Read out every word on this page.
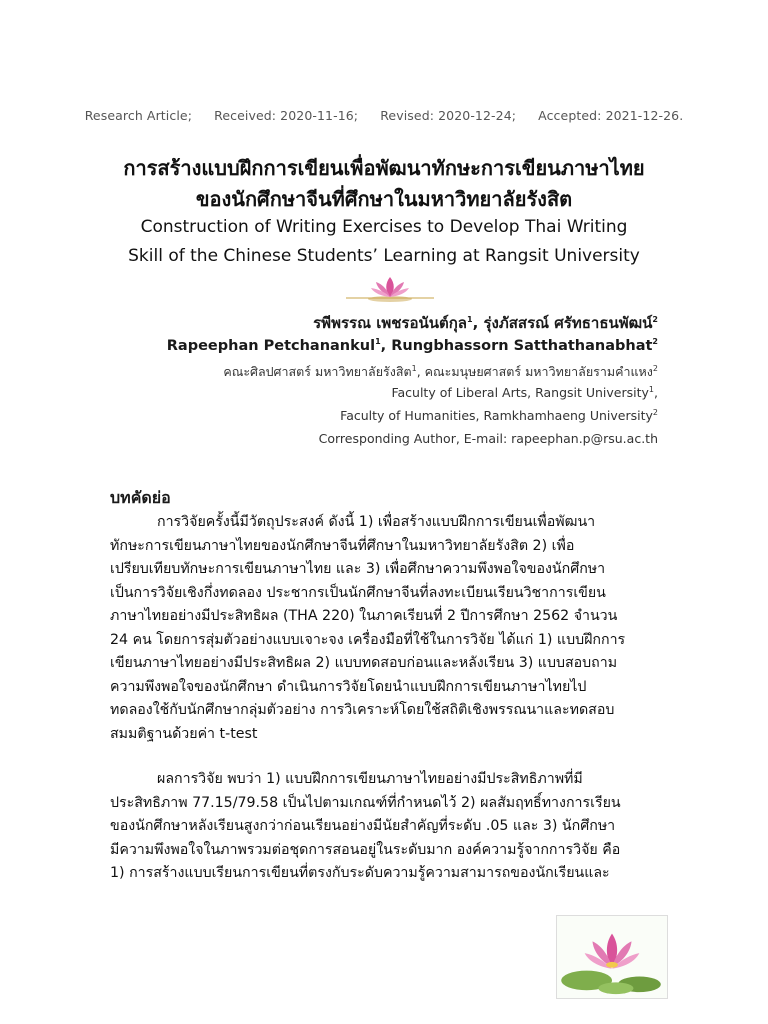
Research Article; Received: 2020-11-16; Revised: 2020-12-24; Accepted: 2021-12-26.
การสร้างแบบฝึกการเขียนเพื่อพัฒนาทักษะการเขียนภาษาไทย
ของนักศึกษาจีนที่ศึกษาในมหาวิทยาลัยรังสิต
Construction of Writing Exercises to Develop Thai Writing
Skill of the Chinese Students’ Learning at Rangsit University
รพีพรรณ เพชรอนันต์กุล$^1$, รุ่งภัสสรณ์ ศรัทธาธนพัฒน์$^2$
Rapeephan Petchanankul$^1$, Rungbhassorn Satthathanabhat$^2$
คณะศิลปศาสตร์ มหาวิทยาลัยรังสิต$^1$, คณะมนุษยศาสตร์ มหาวิทยาลัยรามคำแหง$^2$
Faculty of Liberal Arts, Rangsit University$^1$,
Faculty of Humanities, Ramkhamhaeng University$^2$
Corresponding Author, E-mail: rapeephan.p@rsu.ac.th
บทคัดย่อ
การวิจัยครั้งนี้มีวัตถุประสงค์ ดังนี้ 1) เพื่อสร้างแบบฝึกการเขียนเพื่อพัฒนา
ทักษะการเขียนภาษาไทยของนักศึกษาจีนที่ศึกษาในมหาวิทยาลัยรังสิต 2) เพื่อ
เปรียบเทียบทักษะการเขียนภาษาไทย และ 3) เพื่อศึกษาความพึงพอใจของนักศึกษา
เป็นการวิจัยเชิงกึ่งทดลอง ประชากรเป็นนักศึกษาจีนที่ลงทะเบียนเรียนวิชาการเขียน
ภาษาไทยอย่างมีประสิทธิผล (THA 220) ในภาคเรียนที่ 2 ปีการศึกษา 2562 จำนวน
24 คน โดยการสุ่มตัวอย่างแบบเจาะจง เครื่องมือที่ใช้ในการวิจัย ได้แก่ 1) แบบฝึกการ
เขียนภาษาไทยอย่างมีประสิทธิผล 2) แบบทดสอบก่อนและหลังเรียน 3) แบบสอบถาม
ความพึงพอใจของนักศึกษา ดำเนินการวิจัยโดยนำแบบฝึกการเขียนภาษาไทยไป
ทดลองใช้กับนักศึกษากลุ่มตัวอย่าง การวิเคราะห์โดยใช้สถิติเชิงพรรณนาและทดสอบ
สมมติฐานด้วยค่า t-test
ผลการวิจัย พบว่า 1) แบบฝึกการเขียนภาษาไทยอย่างมีประสิทธิภาพที่มี
ประสิทธิภาพ 77.15/79.58 เป็นไปตามเกณฑ์ที่กำหนดไว้ 2) ผลสัมฤทธิ์ทางการเรียน
ของนักศึกษาหลังเรียนสูงกว่าก่อนเรียนอย่างมีนัยสำคัญที่ระดับ .05 และ 3) นักศึกษา
มีความพึงพอใจในภาพรวมต่อชุดการสอนอยู่ในระดับมาก องค์ความรู้จากการวิจัย คือ
1) การสร้างแบบเรียนการเขียนที่ตรงกับระดับความรู้ความสามารถของนักเรียนและ
